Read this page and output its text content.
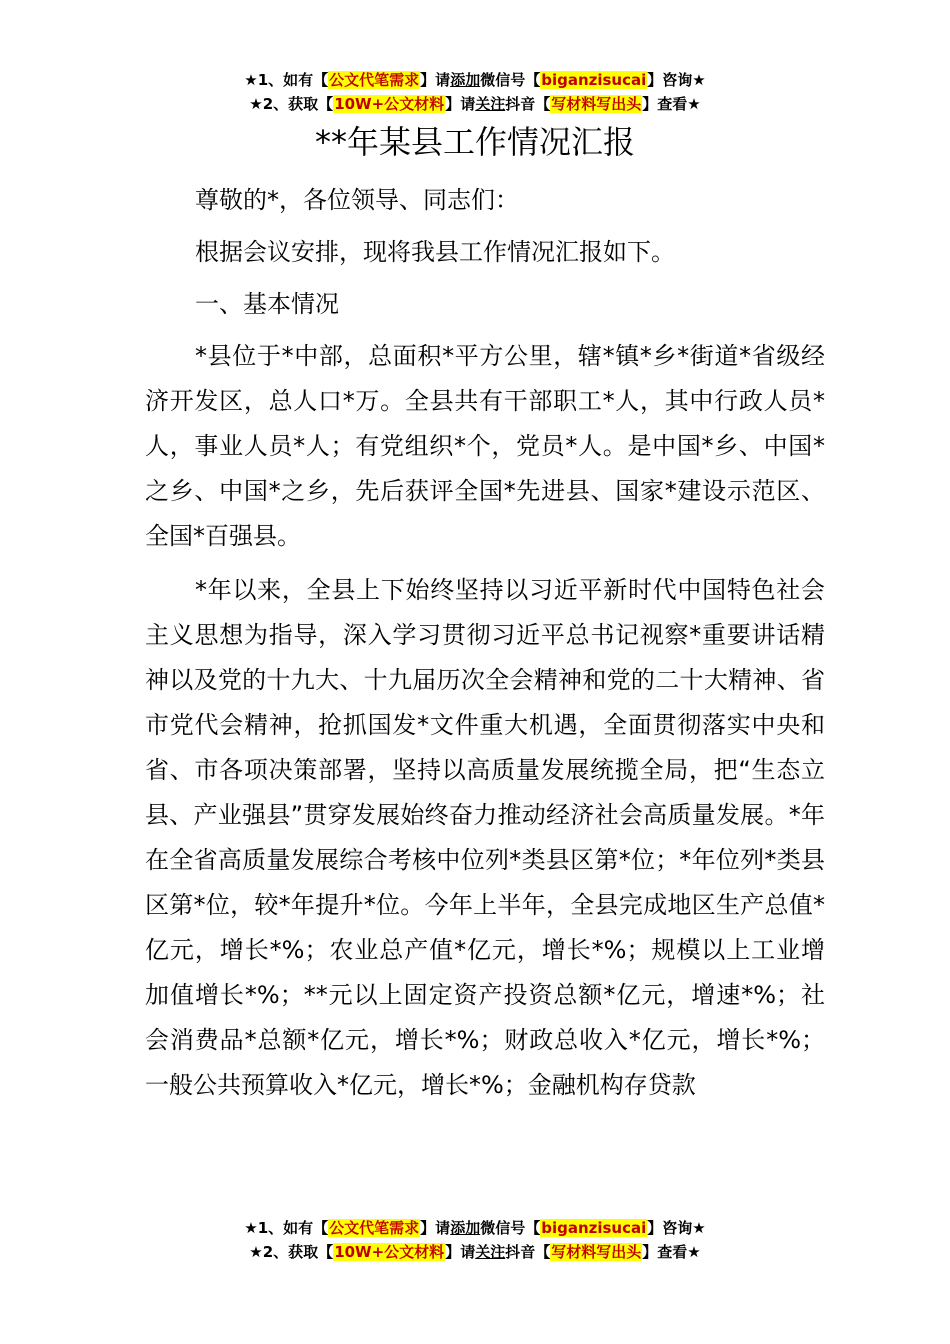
★1、如有【公文代笔需求】请添加微信号【biganzisucai】咨询★
★2、获取【10W+公文材料】请关注抖音【写材料写出头】查看★
**年某县工作情况汇报

尊敬的*，各位领导、同志们：

根据会议安排，现将我县工作情况汇报如下。

一、基本情况

*县位于*中部，总面积*平方公里，辖*镇*乡*街道*省级经济开发区，总人口*万。全县共有干部职工*人，其中行政人员*人，事业人员*人；有党组织*个，党员*人。是中国*乡、中国*之乡、中国*之乡，先后获评全国*先进县、国家*建设示范区、全国*百强县。

*年以来，全县上下始终坚持以习近平新时代中国特色社会主义思想为指导，深入学习贯彻习近平总书记视察*重要讲话精神以及党的十九大、十九届历次全会精神和党的二十大精神、省市党代会精神，抢抓国发*文件重大机遇，全面贯彻落实中央和省、市各项决策部署，坚持以高质量发展统揽全局，把“生态立县、产业强县”贯穿发展始终奋力推动经济社会高质量发展。*年在全省高质量发展综合考核中位列*类县区第*位；*年位列*类县区第*位，较*年提升*位。今年上半年，全县完成地区生产总值*亿元，增长*%；农业总产值*亿元，增长*%；规模以上工业增加值增长*%；**元以上固定资产投资总额*亿元，增速*%；社会消费品*总额*亿元，增长*%；财政总收入*亿元，增长*%；一般公共预算收入*亿元，增长*%；金融机构存贷款

★1、如有【公文代笔需求】请添加微信号【biganzisucai】咨询★
★2、获取【10W+公文材料】请关注抖音【写材料写出头】查看★
